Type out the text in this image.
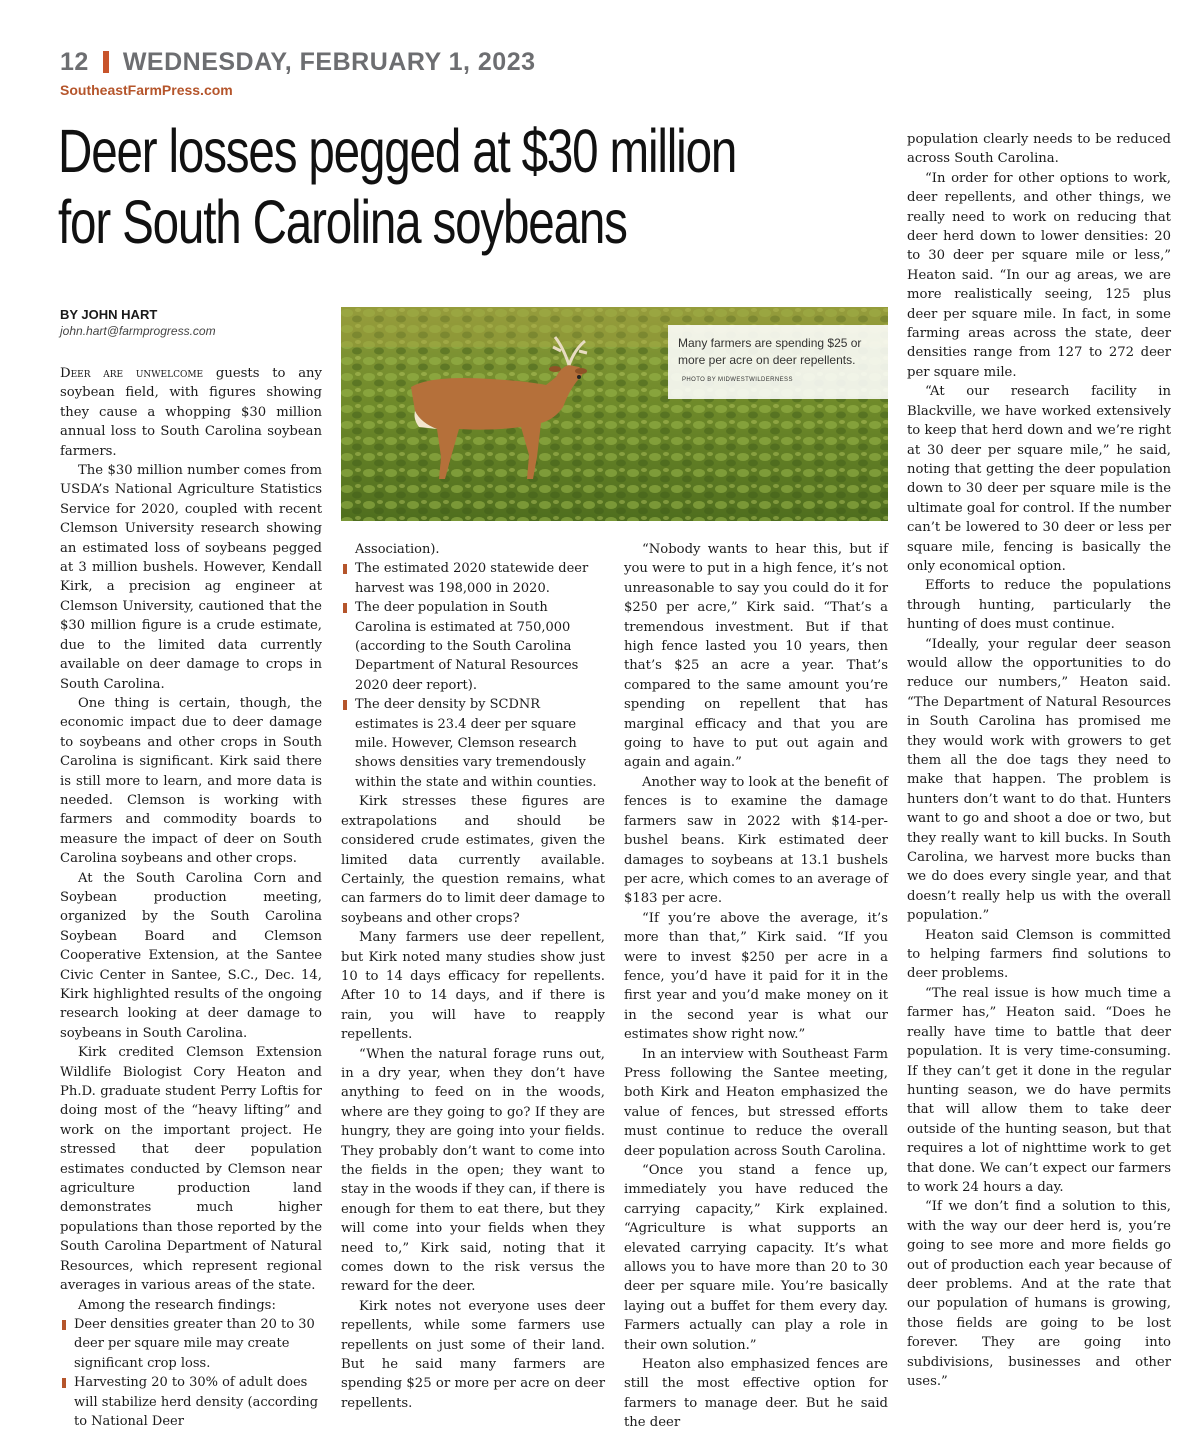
12 WEDNESDAY, FEBRUARY 1, 2023
SoutheastFarmPress.com
Deer losses pegged at $30 million
for South Carolina soybeans
BY JOHN HART
john.hart@farmprogress.com
Many farmers are spending $25 or more per acre on deer repellents. PHOTO BY MIDWESTWILDERNESS

Deer are unwelcome guests to any soybean field, with figures showing they cause a whopping $30 million annual loss to South Carolina soybean farmers.

The $30 million number comes from USDA’s National Agriculture Statistics Service for 2020, coupled with recent Clemson University research showing an estimated loss of soybeans pegged at 3 million bushels. However, Kendall Kirk, a precision ag engineer at Clemson University, cautioned that the $30 million figure is a crude estimate, due to the limited data currently available on deer damage to crops in South Carolina.

One thing is certain, though, the economic impact due to deer damage to soybeans and other crops in South Carolina is significant. Kirk said there is still more to learn, and more data is needed. Clemson is working with farmers and commodity boards to measure the impact of deer on South Carolina soybeans and other crops.

At the South Carolina Corn and Soybean production meeting, organized by the South Carolina Soybean Board and Clemson Cooperative Extension, at the Santee Civic Center in Santee, S.C., Dec. 14, Kirk highlighted results of the ongoing research looking at deer damage to soybeans in South Carolina.

Kirk credited Clemson Extension Wildlife Biologist Cory Heaton and Ph.D. graduate student Perry Loftis for doing most of the “heavy lifting” and work on the important project. He stressed that deer population estimates conducted by Clemson near agriculture production land demonstrates much higher populations than those reported by the South Carolina Department of Natural Resources, which represent regional averages in various areas of the state.

Among the research findings:

Deer densities greater than 20 to 30 deer per square mile may create significant crop loss.
Harvesting 20 to 30% of adult does will stabilize herd density (according to National Deer
Association).
The estimated 2020 statewide deer harvest was 198,000 in 2020.
The deer population in South Carolina is estimated at 750,000 (according to the South Carolina Department of Natural Resources 2020 deer report).
The deer density by SCDNR estimates is 23.4 deer per square mile. However, Clemson research shows densities vary tremendously within the state and within counties.

Kirk stresses these figures are extrapolations and should be considered crude estimates, given the limited data currently available. Certainly, the question remains, what can farmers do to limit deer damage to soybeans and other crops?

Many farmers use deer repellent, but Kirk noted many studies show just 10 to 14 days efficacy for repellents. After 10 to 14 days, and if there is rain, you will have to reapply repellents.

“When the natural forage runs out, in a dry year, when they don’t have anything to feed on in the woods, where are they going to go? If they are hungry, they are going into your fields. They probably don’t want to come into the fields in the open; they want to stay in the woods if they can, if there is enough for them to eat there, but they will come into your fields when they need to,” Kirk said, noting that it comes down to the risk versus the reward for the deer.

Kirk notes not everyone uses deer repellents, while some farmers use repellents on just some of their land. But he said many farmers are spending $25 or more per acre on deer repellents.

“Nobody wants to hear this, but if you were to put in a high fence, it’s not unreasonable to say you could do it for $250 per acre,” Kirk said. “That’s a tremendous investment. But if that high fence lasted you 10 years, then that’s $25 an acre a year. That’s compared to the same amount you’re spending on repellent that has marginal efficacy and that you are going to have to put out again and again and again.”

Another way to look at the benefit of fences is to examine the damage farmers saw in 2022 with $14-per-bushel beans. Kirk estimated deer damages to soybeans at 13.1 bushels per acre, which comes to an average of $183 per acre.

“If you’re above the average, it’s more than that,” Kirk said. “If you were to invest $250 per acre in a fence, you’d have it paid for it in the first year and you’d make money on it in the second year is what our estimates show right now.”

In an interview with Southeast Farm Press following the Santee meeting, both Kirk and Heaton emphasized the value of fences, but stressed efforts must continue to reduce the overall deer population across South Carolina.

“Once you stand a fence up, immediately you have reduced the carrying capacity,” Kirk explained. “Agriculture is what supports an elevated carrying capacity. It’s what allows you to have more than 20 to 30 deer per square mile. You’re basically laying out a buffet for them every day. Farmers actually can play a role in their own solution.”

Heaton also emphasized fences are still the most effective option for farmers to manage deer. But he said the deer

population clearly needs to be reduced across South Carolina.

“In order for other options to work, deer repellents, and other things, we really need to work on reducing that deer herd down to lower densities: 20 to 30 deer per square mile or less,” Heaton said. “In our ag areas, we are more realistically seeing, 125 plus deer per square mile. In fact, in some farming areas across the state, deer densities range from 127 to 272 deer per square mile.

“At our research facility in Blackville, we have worked extensively to keep that herd down and we’re right at 30 deer per square mile,” he said, noting that getting the deer population down to 30 deer per square mile is the ultimate goal for control. If the number can’t be lowered to 30 deer or less per square mile, fencing is basically the only economical option.

Efforts to reduce the populations through hunting, particularly the hunting of does must continue.

“Ideally, your regular deer season would allow the opportunities to do reduce our numbers,” Heaton said. “The Department of Natural Resources in South Carolina has promised me they would work with growers to get them all the doe tags they need to make that happen. The problem is hunters don’t want to do that. Hunters want to go and shoot a doe or two, but they really want to kill bucks. In South Carolina, we harvest more bucks than we do does every single year, and that doesn’t really help us with the overall population.”

Heaton said Clemson is committed to helping farmers find solutions to deer problems.

“The real issue is how much time a farmer has,” Heaton said. “Does he really have time to battle that deer population. It is very time-consuming. If they can’t get it done in the regular hunting season, we do have permits that will allow them to take deer outside of the hunting season, but that requires a lot of nighttime work to get that done. We can’t expect our farmers to work 24 hours a day.

“If we don’t find a solution to this, with the way our deer herd is, you’re going to see more and more fields go out of production each year because of deer problems. And at the rate that our population of humans is growing, those fields are going to be lost forever. They are going into subdivisions, businesses and other uses.”
